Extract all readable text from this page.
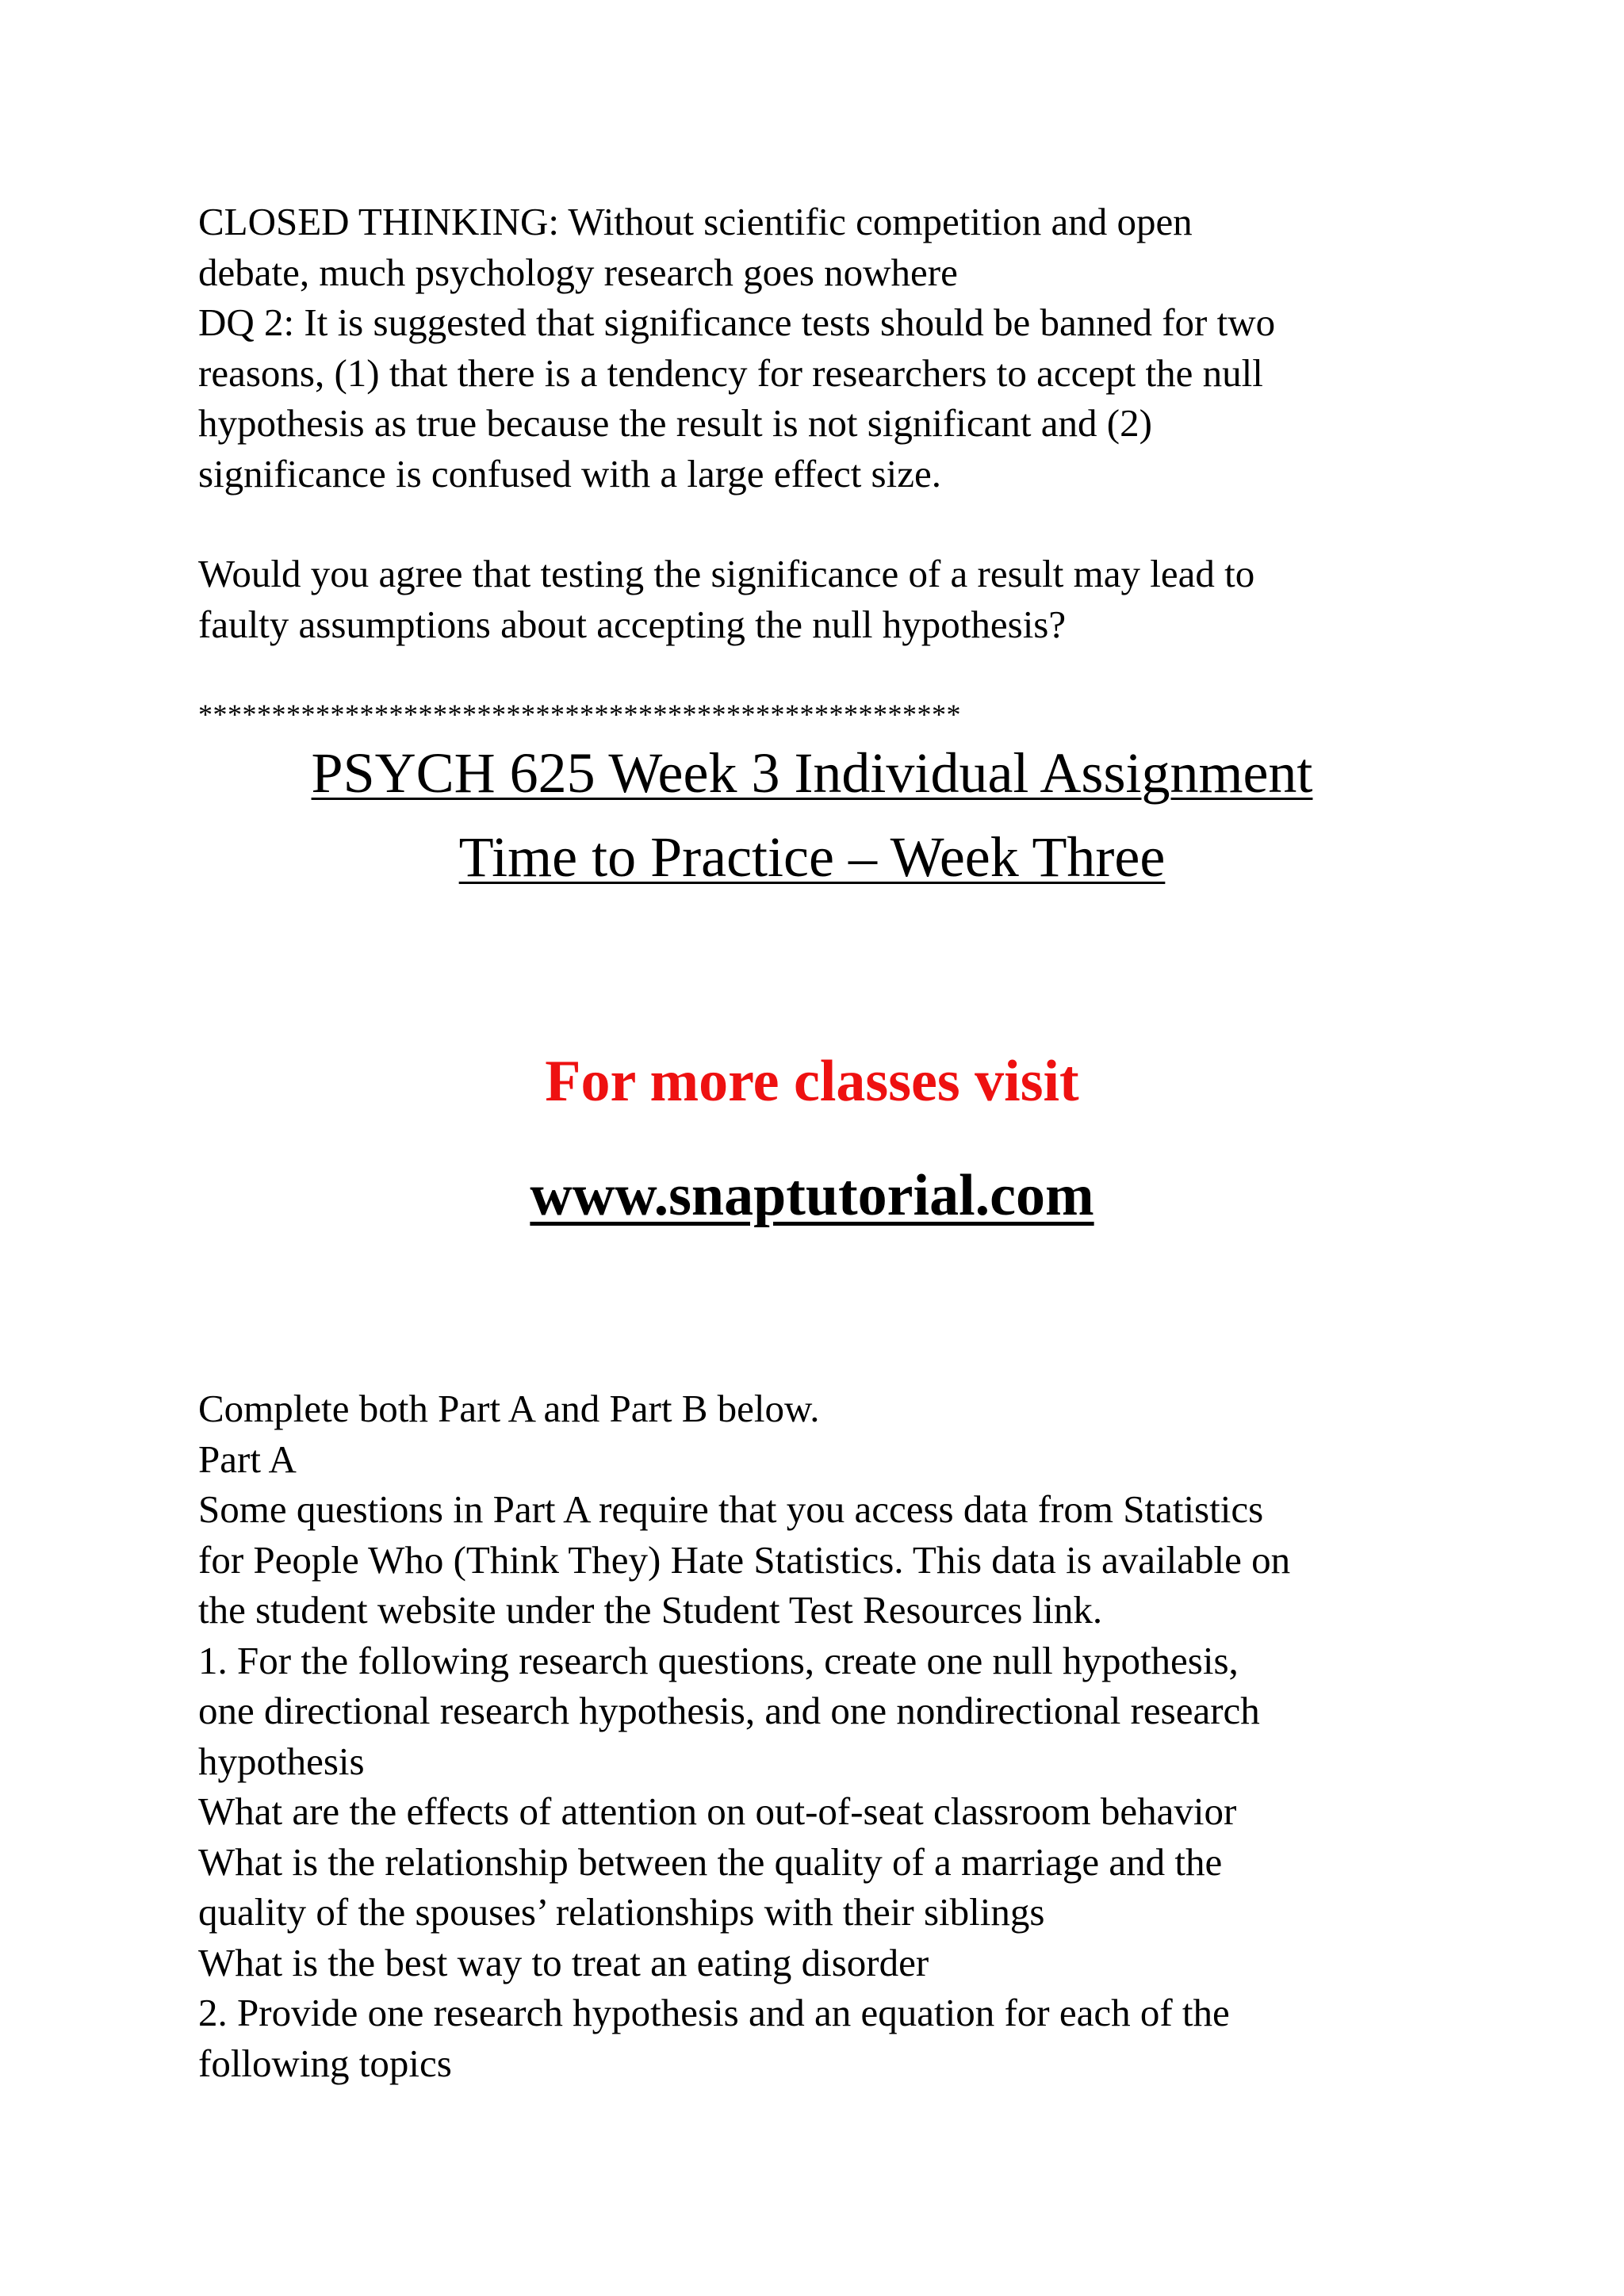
CLOSED THINKING: Without scientific competition and open
debate, much psychology research goes nowhere
DQ 2: It is suggested that significance tests should be banned for two
reasons, (1) that there is a tendency for researchers to accept the null
hypothesis as true because the result is not significant and (2)
significance is confused with a large effect size.
Would you agree that testing the significance of a result may lead to
faulty assumptions about accepting the null hypothesis?
****************************************************
PSYCH 625 Week 3 Individual Assignment
Time to Practice – Week Three
For more classes visit
www.snaptutorial.com
Complete both Part A and Part B below.
Part A
Some questions in Part A require that you access data from Statistics
for People Who (Think They) Hate Statistics. This data is available on
the student website under the Student Test Resources link.
1. For the following research questions, create one null hypothesis,
one directional research hypothesis, and one nondirectional research
hypothesis
What are the effects of attention on out-of-seat classroom behavior
What is the relationship between the quality of a marriage and the
quality of the spouses’ relationships with their siblings
What is the best way to treat an eating disorder
2. Provide one research hypothesis and an equation for each of the
following topics
